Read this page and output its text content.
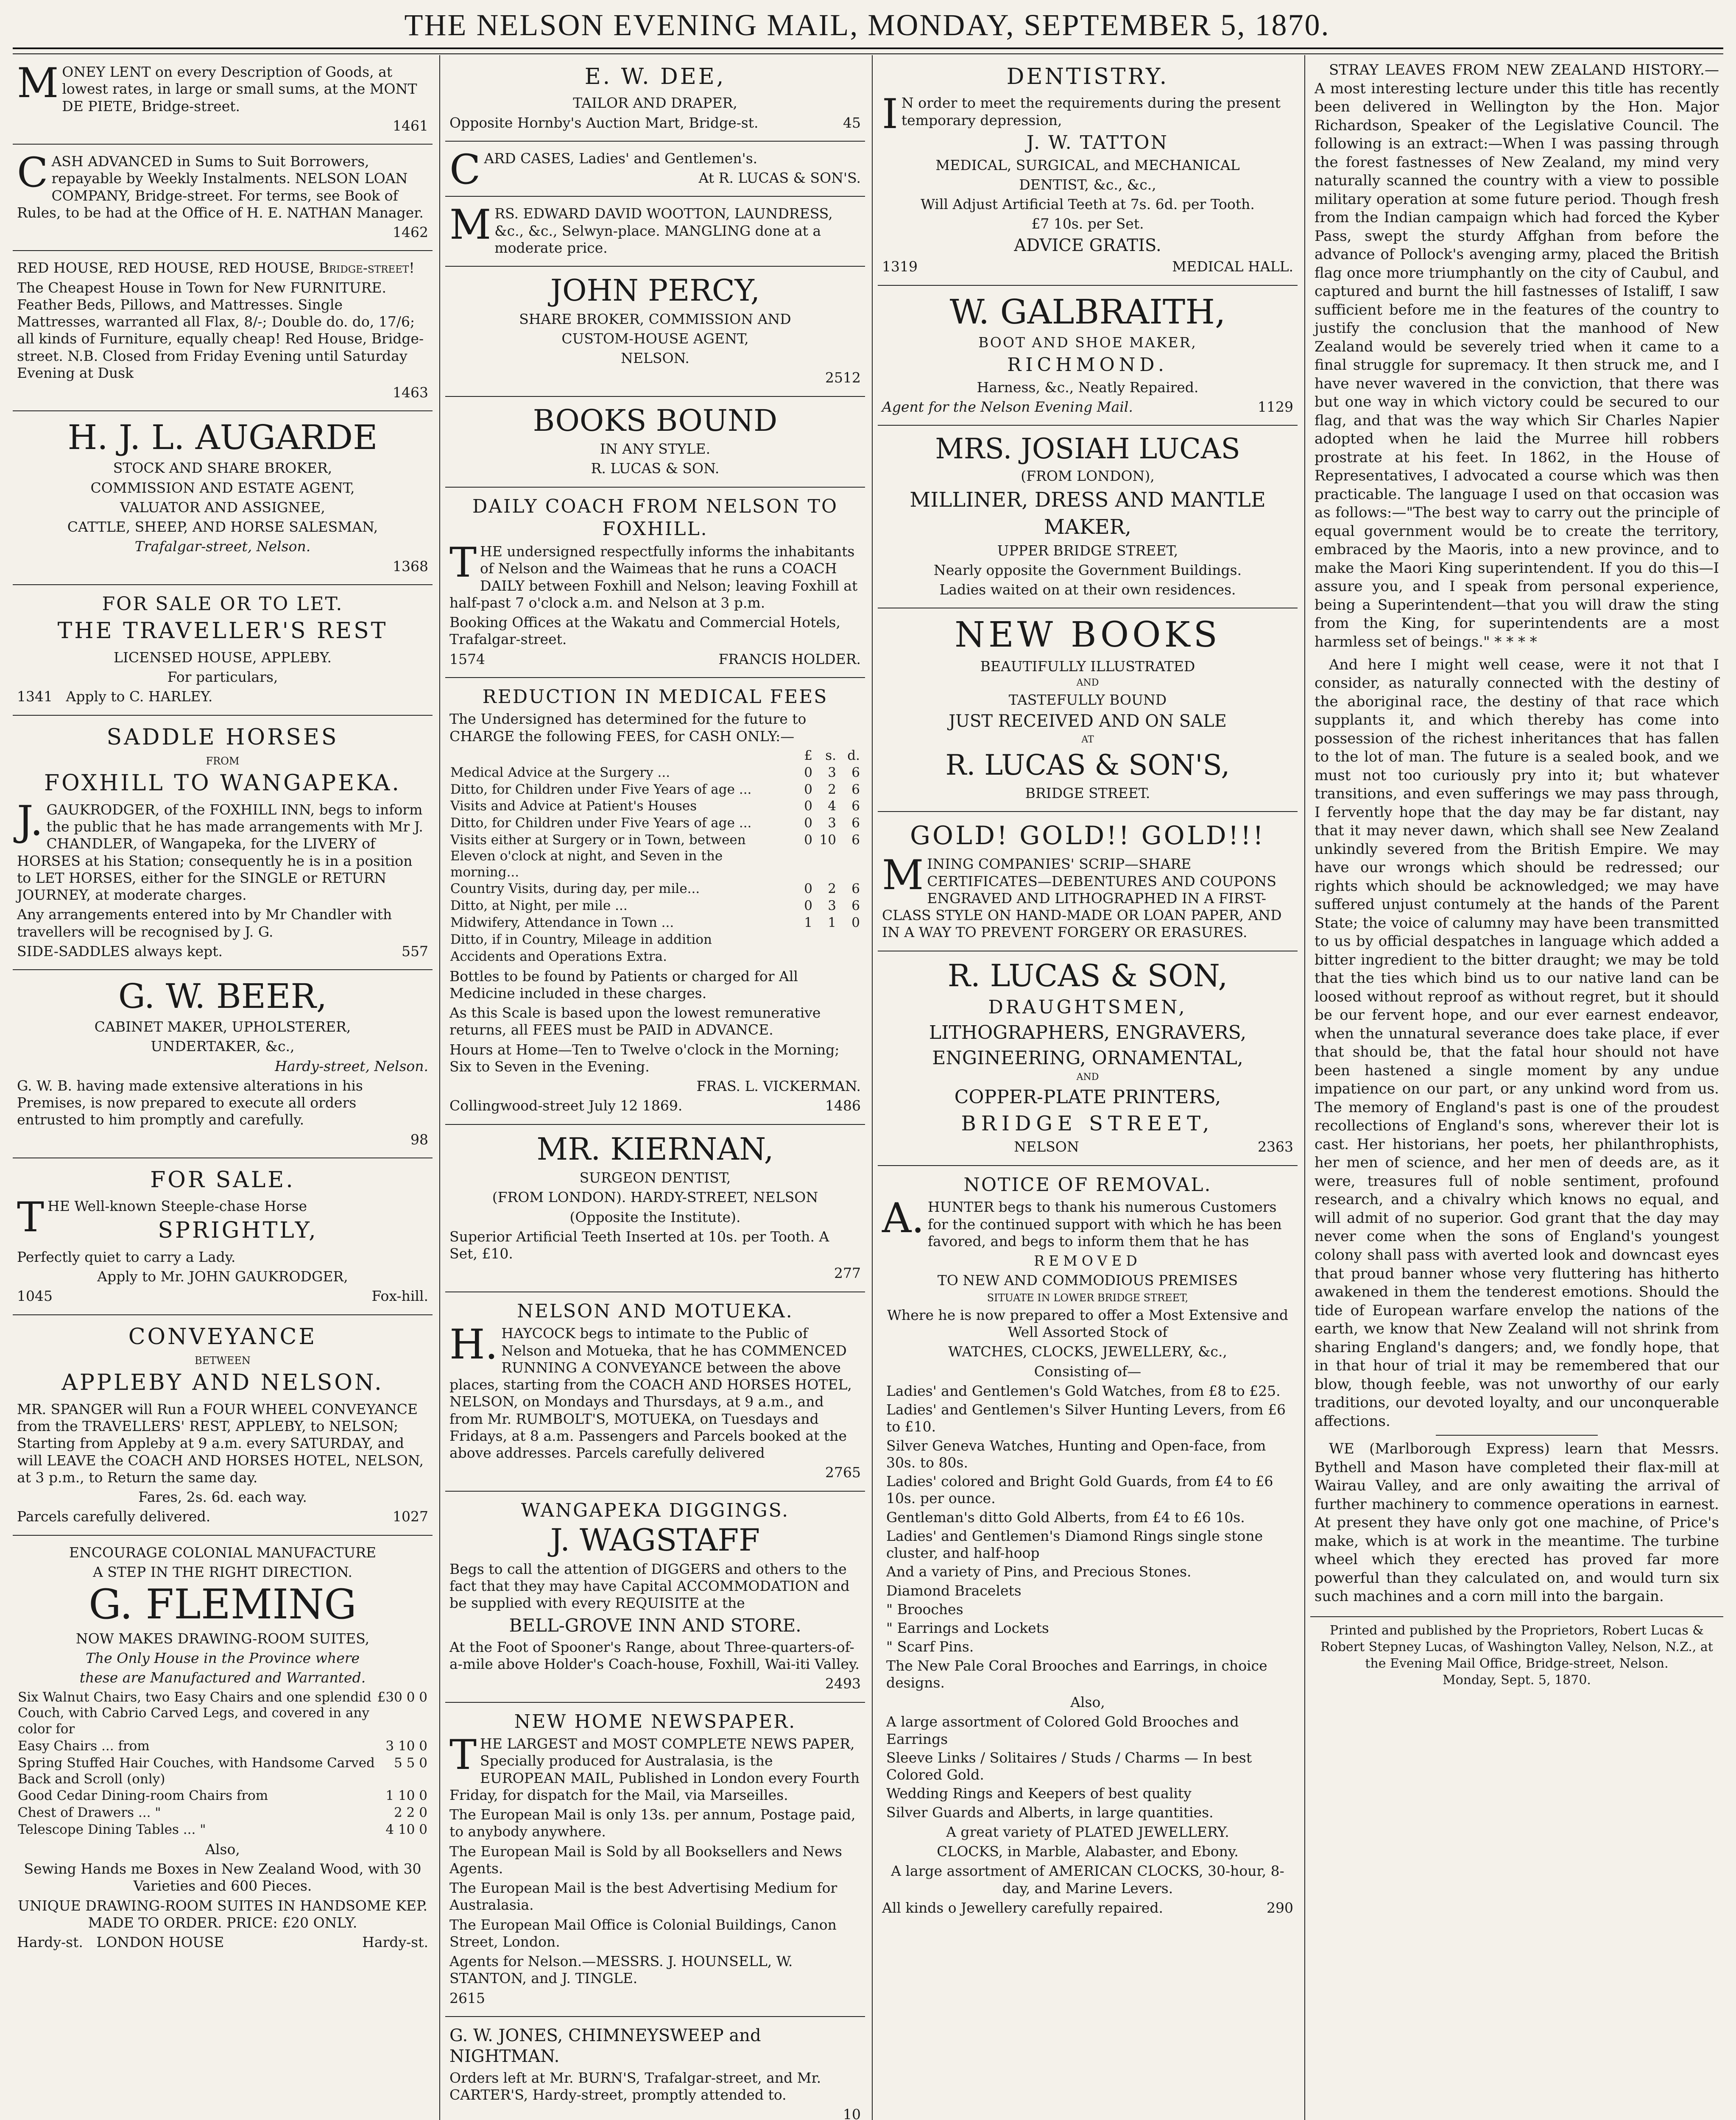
THE NELSON EVENING MAIL, MONDAY, SEPTEMBER 5, 1870.

MONEY LENT on every Description of Goods, at lowest rates, in large or small sums, at the MONT DE PIETE, Bridge-street.

1461

CASH ADVANCED in Sums to Suit Borrowers, repayable by Weekly Instalments. NELSON LOAN COMPANY, Bridge-street. For terms, see Book of Rules, to be had at the Office of H. E. NATHAN Manager.

1462

RED HOUSE, RED HOUSE, RED HOUSE, Bridge-street!

The Cheapest House in Town for New FURNITURE. Feather Beds, Pillows, and Mattresses. Single Mattresses, warranted all Flax, 8/-; Double do. do, 17/6; all kinds of Furniture, equally cheap! Red House, Bridge-street. N.B. Closed from Friday Evening until Saturday Evening at Dusk

1463

H. J. L. AUGARDE

STOCK AND SHARE BROKER,

COMMISSION AND ESTATE AGENT,

VALUATOR AND ASSIGNEE,

CATTLE, SHEEP, AND HORSE SALESMAN,

Trafalgar-street, Nelson.

1368

FOR SALE OR TO LET.
THE TRAVELLER'S REST

LICENSED HOUSE, APPLEBY.

For particulars,

1341 Apply to C. HARLEY.

SADDLE HORSES

FROM

FOXHILL TO WANGAPEKA.

J.GAUKRODGER, of the FOXHILL INN, begs to inform the public that he has made arrangements with Mr J. CHANDLER, of Wangapeka, for the LIVERY of HORSES at his Station; consequently he is in a position to LET HORSES, either for the SINGLE or RETURN JOURNEY, at moderate charges.

Any arrangements entered into by Mr Chandler with travellers will be recognised by J. G.

SIDE-SADDLES always kept.	557

G. W. BEER,

CABINET MAKER, UPHOLSTERER,

UNDERTAKER, &c.,

Hardy-street, Nelson.

G. W. B. having made extensive alterations in his Premises, is now prepared to execute all orders entrusted to him promptly and carefully.

98

FOR SALE.

THE Well-known Steeple-chase Horse

SPRIGHTLY,

Perfectly quiet to carry a Lady.

Apply to Mr. JOHN GAUKRODGER,

1045	Fox-hill.

CONVEYANCE

BETWEEN

APPLEBY AND NELSON.

MR. SPANGER will Run a FOUR WHEEL CONVEYANCE from the TRAVELLERS' REST, APPLEBY, to NELSON; Starting from Appleby at 9 a.m. every SATURDAY, and will LEAVE the COACH AND HORSES HOTEL, NELSON, at 3 p.m., to Return the same day.

Fares, 2s. 6d. each way.

Parcels carefully delivered.	1027

ENCOURAGE COLONIAL MANUFACTURE

A STEP IN THE RIGHT DIRECTION.

G. FLEMING

NOW MAKES DRAWING-ROOM SUITES,

The Only House in the Province where

these are Manufactured and Warranted.

Six Walnut Chairs, two Easy Chairs and one splendid Couch, with Cabrio Carved Legs, and covered in any color for	£30 0 0
Easy Chairs ... from	3 10 0
Spring Stuffed Hair Couches, with Handsome Carved Back and Scroll (only)	5 5 0
Good Cedar Dining-room Chairs from	1 10 0
Chest of Drawers ... "	2 2 0
Telescope Dining Tables ... "	4 10 0

Also,

Sewing Hands me Boxes in New Zealand Wood, with 30 Varieties and 600 Pieces.

UNIQUE DRAWING-ROOM SUITES IN HANDSOME KEP. MADE TO ORDER. PRICE: £20 ONLY.

Hardy-st. LONDON HOUSE	Hardy-st.

E. W. DEE,

TAILOR AND DRAPER,

Opposite Hornby's Auction Mart, Bridge-st.	45

CARD CASES, Ladies' and Gentlemen's.

At R. LUCAS & SON'S.

MRS. EDWARD DAVID WOOTTON, LAUNDRESS, &c., &c., Selwyn-place. MANGLING done at a moderate price.

JOHN PERCY,

SHARE BROKER, COMMISSION AND

CUSTOM-HOUSE AGENT,

NELSON.

2512

BOOKS BOUND

IN ANY STYLE.

R. LUCAS & SON.

DAILY COACH FROM NELSON TO FOXHILL.

THE undersigned respectfully informs the inhabitants of Nelson and the Waimeas that he runs a COACH DAILY between Foxhill and Nelson; leaving Foxhill at half-past 7 o'clock a.m. and Nelson at 3 p.m.

Booking Offices at the Wakatu and Commercial Hotels, Trafalgar-street.

1574	FRANCIS HOLDER.

REDUCTION IN MEDICAL FEES

The Undersigned has determined for the future to CHARGE the following FEES, for CASH ONLY:—

	£	s.	d.
Medical Advice at the Surgery ...	0	3	6
Ditto, for Children under Five Years of age ...	0	2	6
Visits and Advice at Patient's Houses	0	4	6
Ditto, for Children under Five Years of age ...	0	3	6
Visits either at Surgery or in Town, between Eleven o'clock at night, and Seven in the morning...	0	10	6
Country Visits, during day, per mile...	0	2	6
Ditto, at Night, per mile ...	0	3	6
Midwifery, Attendance in Town ...	1	1	0
Ditto, if in Country, Mileage in addition			
Accidents and Operations Extra.			

Bottles to be found by Patients or charged for All Medicine included in these charges.

As this Scale is based upon the lowest remunerative returns, all FEES must be PAID in ADVANCE.

Hours at Home—Ten to Twelve o'clock in the Morning; Six to Seven in the Evening.

FRAS. L. VICKERMAN.

Collingwood-street July 12 1869.	1486

MR. KIERNAN,

SURGEON DENTIST,

(FROM LONDON). HARDY-STREET, NELSON

(Opposite the Institute).

Superior Artificial Teeth Inserted at 10s. per Tooth. A Set, £10.

277

NELSON AND MOTUEKA.

H.HAYCOCK begs to intimate to the Public of Nelson and Motueka, that he has COMMENCED RUNNING A CONVEYANCE between the above places, starting from the COACH AND HORSES HOTEL, NELSON, on Mondays and Thursdays, at 9 a.m., and from Mr. RUMBOLT'S, MOTUEKA, on Tuesdays and Fridays, at 8 a.m. Passengers and Parcels booked at the above addresses. Parcels carefully delivered

2765

WANGAPEKA DIGGINGS.
J. WAGSTAFF

Begs to call the attention of DIGGERS and others to the fact that they may have Capital ACCOMMODATION and be supplied with every REQUISITE at the

BELL-GROVE INN AND STORE.

At the Foot of Spooner's Range, about Three-quarters-of-a-mile above Holder's Coach-house, Foxhill, Wai-iti Valley.

2493

NEW HOME NEWSPAPER.

THE LARGEST and MOST COMPLETE NEWS PAPER, Specially produced for Australasia, is the EUROPEAN MAIL, Published in London every Fourth Friday, for dispatch for the Mail, via Marseilles.

The European Mail is only 13s. per annum, Postage paid, to anybody anywhere.

The European Mail is Sold by all Booksellers and News Agents.

The European Mail is the best Advertising Medium for Australasia.

The European Mail Office is Colonial Buildings, Canon Street, London.

Agents for Nelson.—MESSRS. J. HOUNSELL, W. STANTON, and J. TINGLE.

2615

G. W. JONES, CHIMNEYSWEEP and NIGHTMAN.

Orders left at Mr. BURN'S, Trafalgar-street, and Mr. CARTER'S, Hardy-street, promptly attended to.

10

DENTISTRY.

IN order to meet the requirements during the present temporary depression,

J. W. TATTON

MEDICAL, SURGICAL, and MECHANICAL

DENTIST, &c., &c.,

Will Adjust Artificial Teeth at 7s. 6d. per Tooth.

£7 10s. per Set.

ADVICE GRATIS.

1319	MEDICAL HALL.

W. GALBRAITH,

BOOT AND SHOE MAKER,

RICHMOND.

Harness, &c., Neatly Repaired.

Agent for the Nelson Evening Mail.	1129

MRS. JOSIAH LUCAS

(FROM LONDON),

MILLINER, DRESS AND MANTLE

MAKER,

UPPER BRIDGE STREET,

Nearly opposite the Government Buildings.

Ladies waited on at their own residences.

NEW BOOKS

BEAUTIFULLY ILLUSTRATED

AND

TASTEFULLY BOUND

JUST RECEIVED AND ON SALE

AT

R. LUCAS & SON'S,

BRIDGE STREET.

GOLD! GOLD!! GOLD!!!

MINING COMPANIES' SCRIP—SHARE CERTIFICATES—DEBENTURES AND COUPONS ENGRAVED AND LITHOGRAPHED IN A FIRST-CLASS STYLE ON HAND-MADE OR LOAN PAPER, AND IN A WAY TO PREVENT FORGERY OR ERASURES.

R. LUCAS & SON,

DRAUGHTSMEN,

LITHOGRAPHERS, ENGRAVERS,

ENGINEERING, ORNAMENTAL,

AND

COPPER-PLATE PRINTERS,

BRIDGE STREET,

NELSON	2363

NOTICE OF REMOVAL.

A.HUNTER begs to thank his numerous Customers for the continued support with which he has been favored, and begs to inform them that he has

REMOVED

TO NEW AND COMMODIOUS PREMISES

SITUATE IN LOWER BRIDGE STREET,

Where he is now prepared to offer a Most Extensive and Well Assorted Stock of

WATCHES, CLOCKS, JEWELLERY, &c.,

Consisting of—

Ladies' and Gentlemen's Gold Watches, from £8 to £25.
Ladies' and Gentlemen's Silver Hunting Levers, from £6 to £10.
Silver Geneva Watches, Hunting and Open-face, from 30s. to 80s.
Ladies' colored and Bright Gold Guards, from £4 to £6 10s. per ounce.
Gentleman's ditto Gold Alberts, from £4 to £6 10s.
Ladies' and Gentlemen's Diamond Rings single stone cluster, and half-hoop
And a variety of Pins, and Precious Stones.
Diamond Bracelets
" Brooches
" Earrings and Lockets
" Scarf Pins.
The New Pale Coral Brooches and Earrings, in choice designs.

Also,

A large assortment of Colored Gold Brooches and Earrings
Sleeve Links / Solitaires / Studs / Charms — In best Colored Gold.
Wedding Rings and Keepers of best quality
Silver Guards and Alberts, in large quantities.

A great variety of PLATED JEWELLERY.

CLOCKS, in Marble, Alabaster, and Ebony.

A large assortment of AMERICAN CLOCKS, 30-hour, 8-day, and Marine Levers.

All kinds o Jewellery carefully repaired.	290

STRAY LEAVES FROM NEW ZEALAND HISTORY.—A most interesting lecture under this title has recently been delivered in Wellington by the Hon. Major Richardson, Speaker of the Legislative Council. The following is an extract:—When I was passing through the forest fastnesses of New Zealand, my mind very naturally scanned the country with a view to possible military operation at some future period. Though fresh from the Indian campaign which had forced the Kyber Pass, swept the sturdy Affghan from before the advance of Pollock's avenging army, placed the British flag once more triumphantly on the city of Caubul, and captured and burnt the hill fastnesses of Istaliff, I saw sufficient before me in the features of the country to justify the conclusion that the manhood of New Zealand would be severely tried when it came to a final struggle for supremacy. It then struck me, and I have never wavered in the conviction, that there was but one way in which victory could be secured to our flag, and that was the way which Sir Charles Napier adopted when he laid the Murree hill robbers prostrate at his feet. In 1862, in the House of Representatives, I advocated a course which was then practicable. The language I used on that occasion was as follows:—"The best way to carry out the principle of equal government would be to create the territory, embraced by the Maoris, into a new province, and to make the Maori King superintendent. If you do this—I assure you, and I speak from personal experience, being a Superintendent—that you will draw the sting from the King, for superintendents are a most harmless set of beings." * * * *

And here I might well cease, were it not that I consider, as naturally connected with the destiny of the aboriginal race, the destiny of that race which supplants it, and which thereby has come into possession of the richest inheritances that has fallen to the lot of man. The future is a sealed book, and we must not too curiously pry into it; but whatever transitions, and even sufferings we may pass through, I fervently hope that the day may be far distant, nay that it may never dawn, which shall see New Zealand unkindly severed from the British Empire. We may have our wrongs which should be redressed; our rights which should be acknowledged; we may have suffered unjust contumely at the hands of the Parent State; the voice of calumny may have been transmitted to us by official despatches in language which added a bitter ingredient to the bitter draught; we may be told that the ties which bind us to our native land can be loosed without reproof as without regret, but it should be our fervent hope, and our ever earnest endeavor, when the unnatural severance does take place, if ever that should be, that the fatal hour should not have been hastened a single moment by any undue impatience on our part, or any unkind word from us. The memory of England's past is one of the proudest recollections of England's sons, wherever their lot is cast. Her historians, her poets, her philanthrophists, her men of science, and her men of deeds are, as it were, treasures full of noble sentiment, profound research, and a chivalry which knows no equal, and will admit of no superior. God grant that the day may never come when the sons of England's youngest colony shall pass with averted look and downcast eyes that proud banner whose very fluttering has hitherto awakened in them the tenderest emotions. Should the tide of European warfare envelop the nations of the earth, we know that New Zealand will not shrink from sharing England's dangers; and, we fondly hope, that in that hour of trial it may be remembered that our blow, though feeble, was not unworthy of our early traditions, our devoted loyalty, and our unconquerable affections.

WE (Marlborough Express) learn that Messrs. Bythell and Mason have completed their flax-mill at Wairau Valley, and are only awaiting the arrival of further machinery to commence operations in earnest. At present they have only got one machine, of Price's make, which is at work in the meantime. The turbine wheel which they erected has proved far more powerful than they calculated on, and would turn six such machines and a corn mill into the bargain.

Printed and published by the Proprietors, Robert Lucas & Robert Stepney Lucas, of Washington Valley, Nelson, N.Z., at the Evening Mail Office, Bridge-street, Nelson.
Monday, Sept. 5, 1870.
